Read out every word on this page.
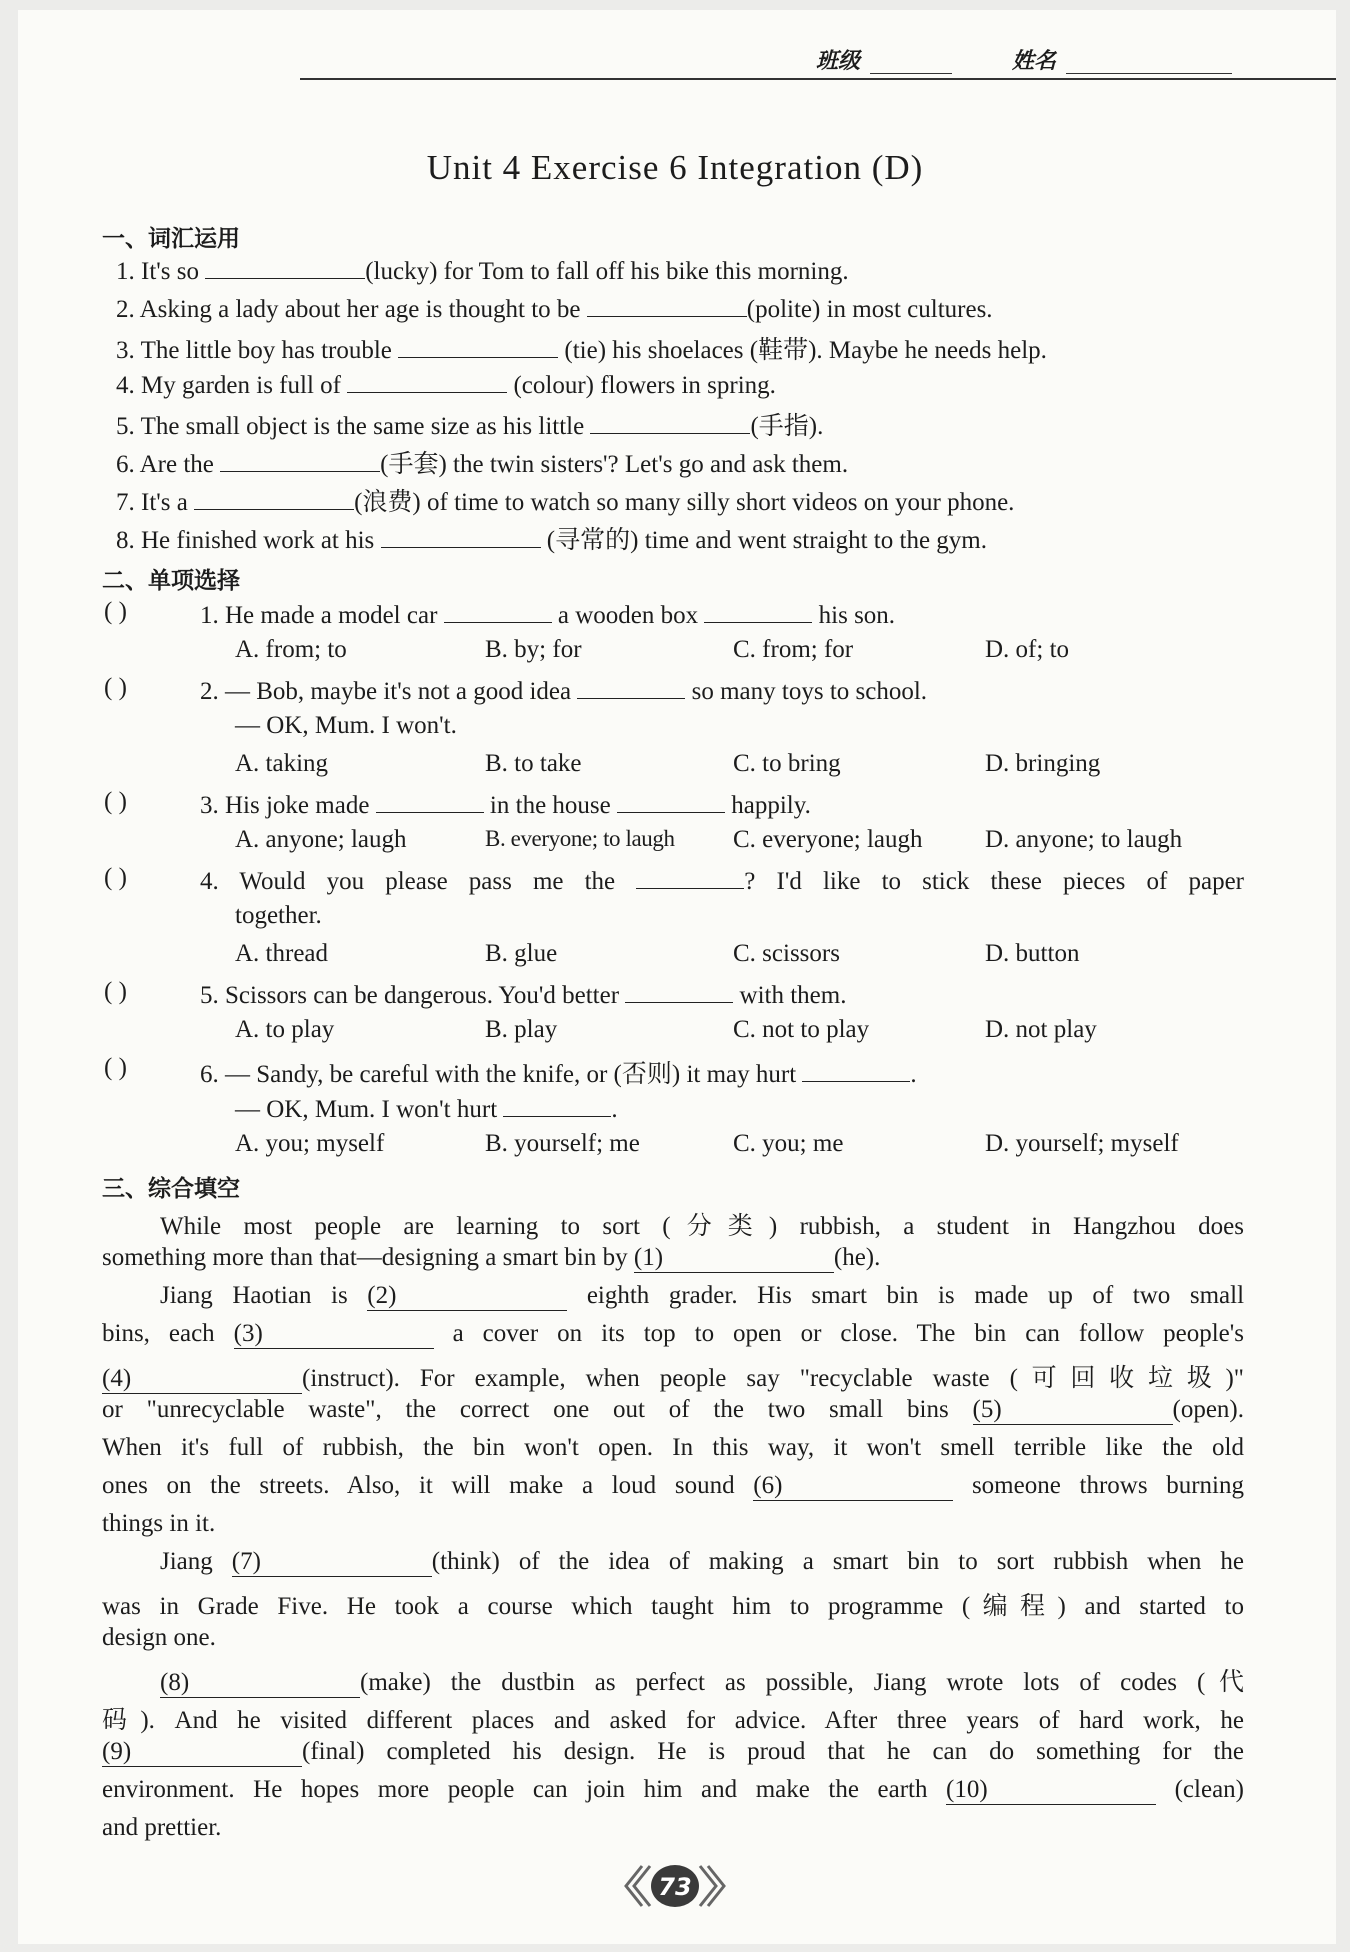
班级	姓名
Unit 4 Exercise 6 Integration (D)
一、词汇运用
1. It's so	(lucky) for Tom to fall off his bike this morning.
2. Asking a lady about her age is thought to be	(polite) in most cultures.
3. The little boy has trouble	(tie) his shoelaces (鞋带). Maybe he needs help.
4. My garden is full of	(colour) flowers in spring.
5. The small object is the same size as his little	(手指).
6. Are the	(手套) the twin sisters'? Let's go and ask them.
7. It's a	(浪费) of time to watch so many silly short videos on your phone.
8. He finished work at his	(寻常的) time and went straight to the gym.
二、单项选择
( )	1. He made a model car	a wooden box	his son.
A. from; to	B. by; for	C. from; for	D. of; to
( )	2. — Bob, maybe it's not a good idea	so many toys to school.
— OK, Mum. I won't.
A. taking	B. to take	C. to bring	D. bringing
( )	3. His joke made	in the house	happily.
A. anyone; laugh	B. everyone; to laugh C. everyone; laugh D. anyone; to laugh
( )	4. Would you please pass me the	? I'd like to stick these pieces of paper
together.
A. thread	B. glue	C. scissors	D. button
( )	5. Scissors can be dangerous. You'd better	with them.
A. to play	B. play	C. not to play	D. not play
( )	6. — Sandy, be careful with the knife, or (否则) it may hurt	.
— OK, Mum. I won't hurt	.
A. you; myself	B. yourself; me	C. you; me	D. yourself; myself
三、综合填空
While most people are learning to sort (分类) rubbish, a student in Hangzhou does
something more than that—designing a smart bin by (1)	(he).
Jiang Haotian is (2)	eighth grader. His smart bin is made up of two small
bins, each (3)	a cover on its top to open or close. The bin can follow people's
(4)	(instruct). For example, when people say "recyclable waste (可回收垃圾)"
or "unrecyclable waste", the correct one out of the two small bins (5)	(open).
When it's full of rubbish, the bin won't open. In this way, it won't smell terrible like the old
ones on the streets. Also, it will make a loud sound (6)	someone throws burning
things in it.
Jiang (7)	(think) of the idea of making a smart bin to sort rubbish when he
was in Grade Five. He took a course which taught him to programme (编程) and started to
design one.
(8)	(make) the dustbin as perfect as possible, Jiang wrote lots of codes (代
码). And he visited different places and asked for advice. After three years of hard work, he
(9)	(final) completed his design. He is proud that he can do something for the
environment. He hopes more people can join him and make the earth (10)	(clean)
and prettier.
73
